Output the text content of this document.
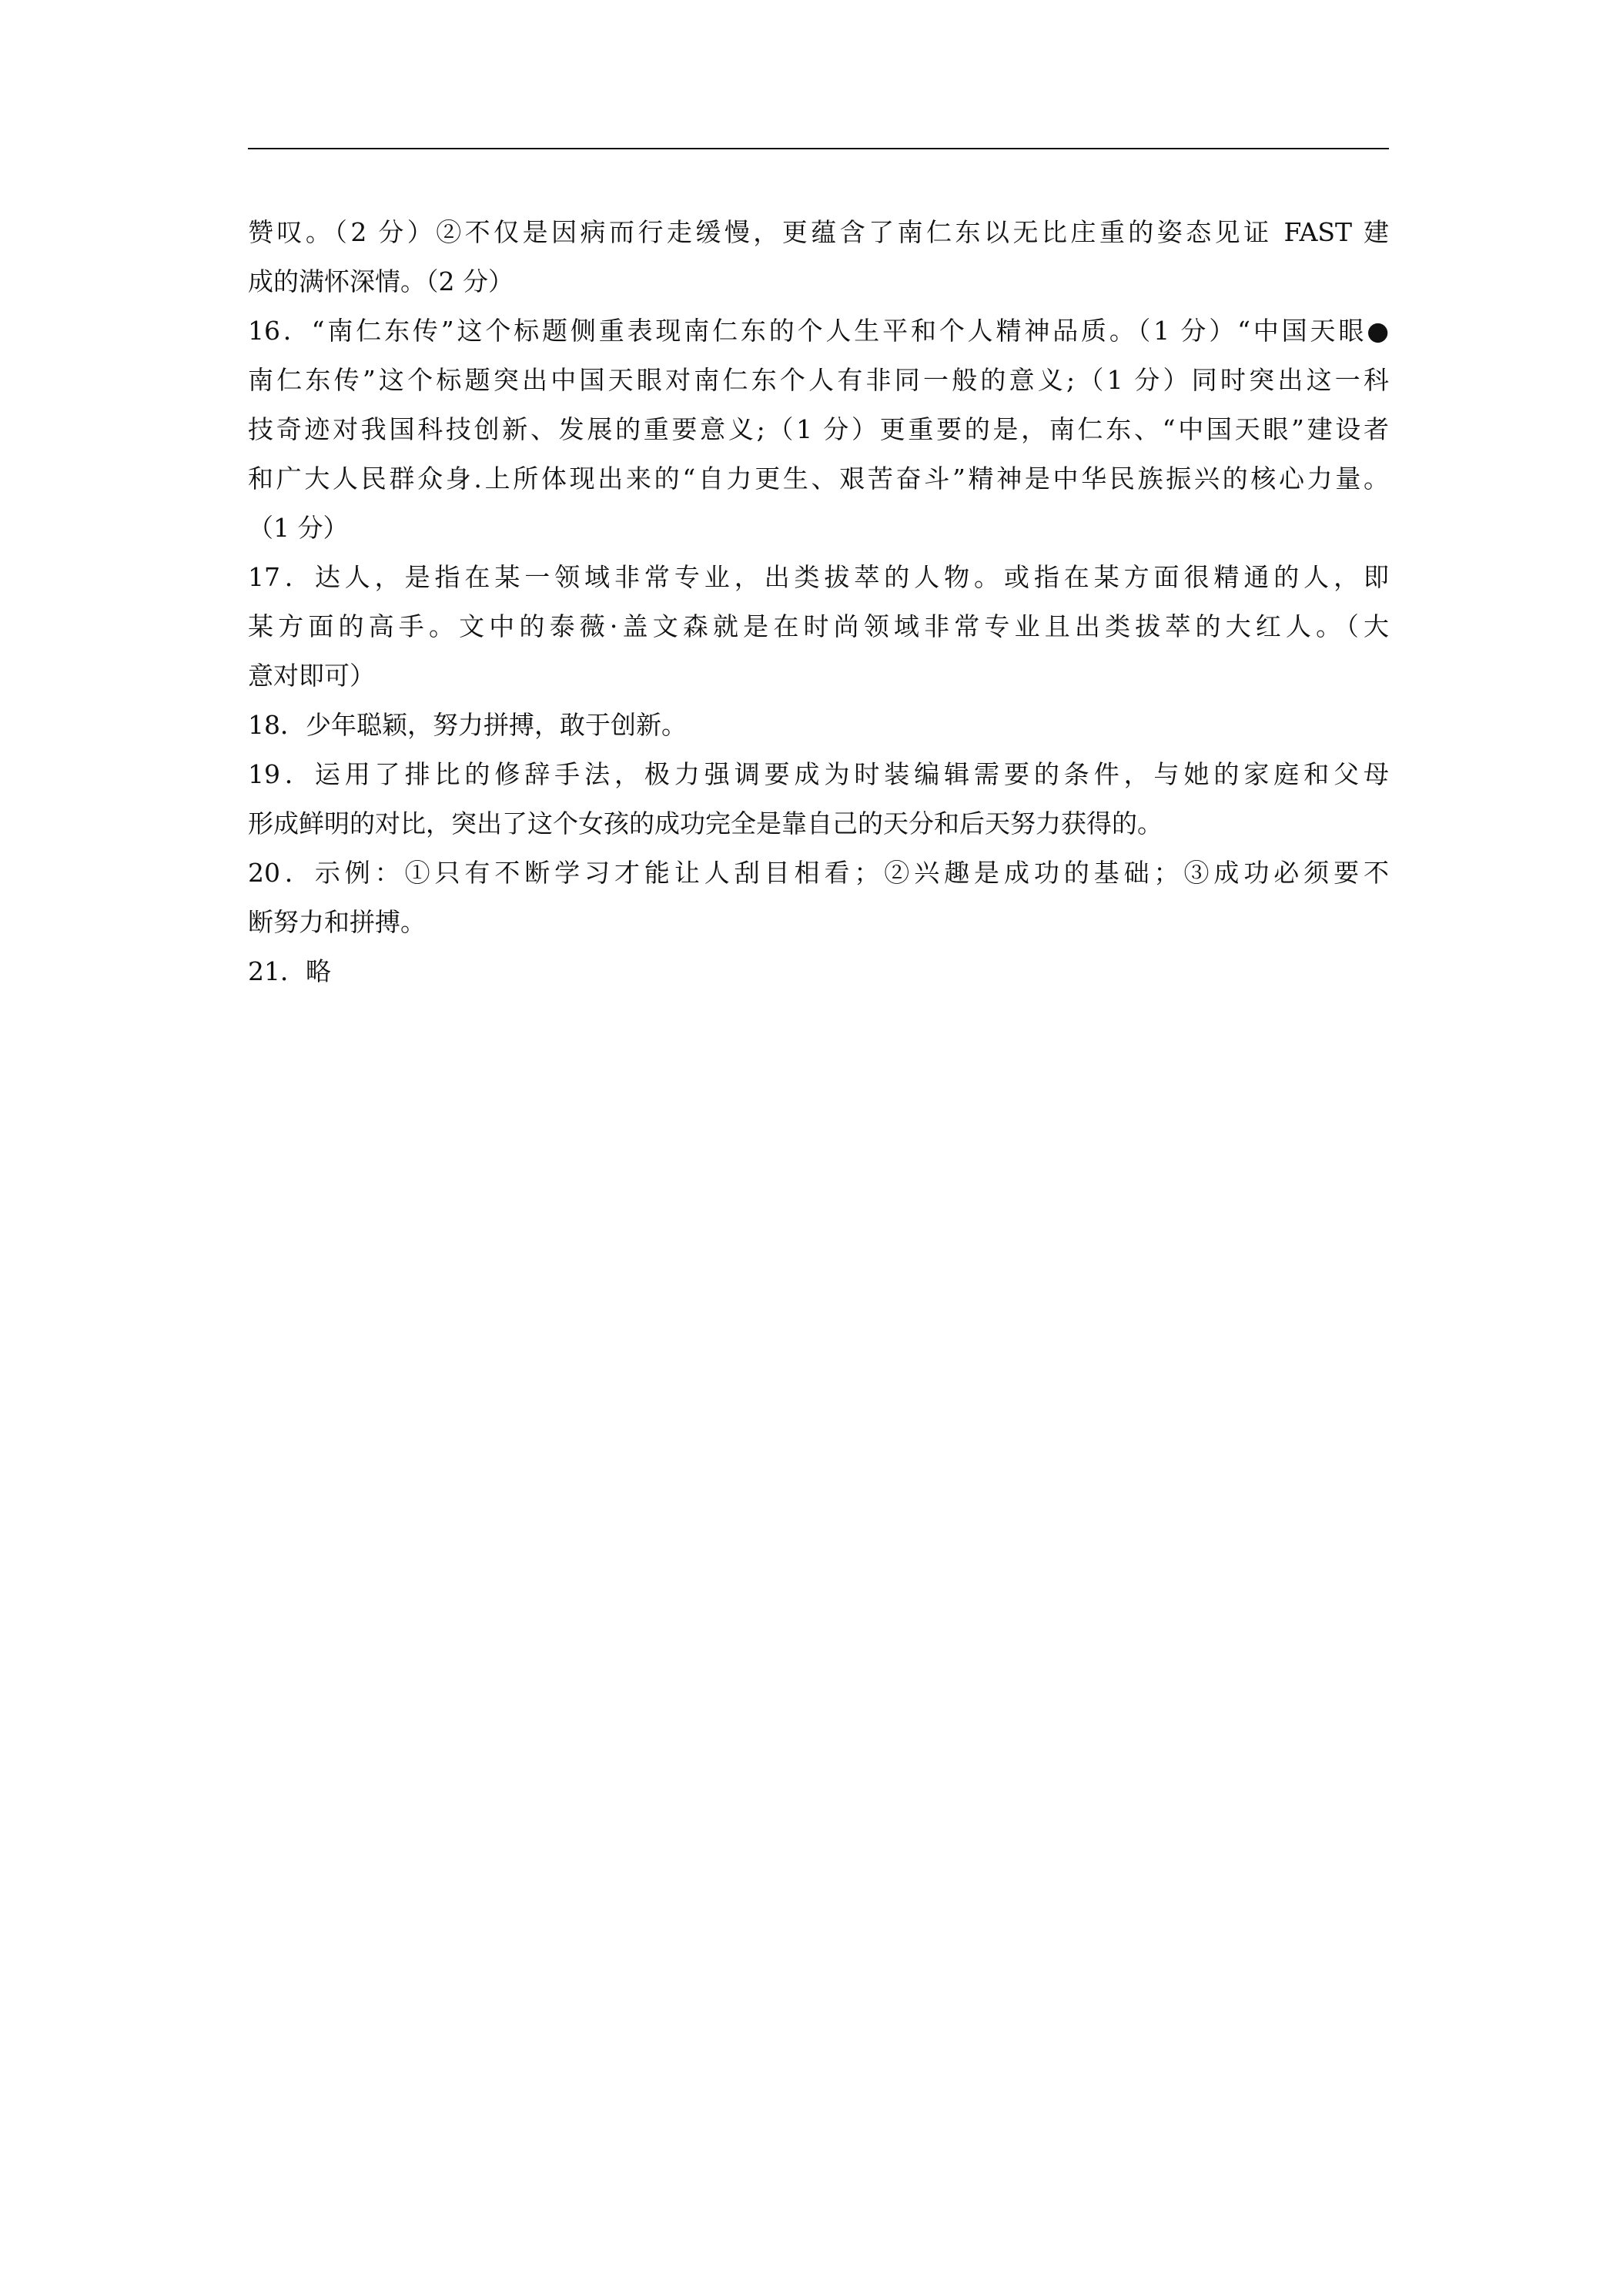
赞叹。（2 分）②不仅是因病而行走缓慢，更蕴含了南仁东以无比庄重的姿态见证 FAST 建
成的满怀深情。（2 分）
16．“南仁东传”这个标题侧重表现南仁东的个人生平和个人精神品质。（1 分）“中国天眼●
南仁东传”这个标题突出中国天眼对南仁东个人有非同一般的意义;（1 分）同时突出这一科
技奇迹对我国科技创新、发展的重要意义;（1 分）更重要的是，南仁东、“中国天眼”建设者
和广大人民群众身.上所体现出来的“自力更生、艰苦奋斗”精神是中华民族振兴的核心力量。
（1 分）
17．达人，是指在某一领域非常专业，出类拔萃的人物。或指在某方面很精通的人，即
某方面的高手。文中的泰薇·盖文森就是在时尚领域非常专业且出类拔萃的大红人。（大
意对即可）
18．少年聪颖，努力拼搏，敢于创新。
19．运用了排比的修辞手法，极力强调要成为时装编辑需要的条件，与她的家庭和父母
形成鲜明的对比，突出了这个女孩的成功完全是靠自己的天分和后天努力获得的。
20．示例：①只有不断学习才能让人刮目相看；②兴趣是成功的基础；③成功必须要不
断努力和拼搏。
21．略
